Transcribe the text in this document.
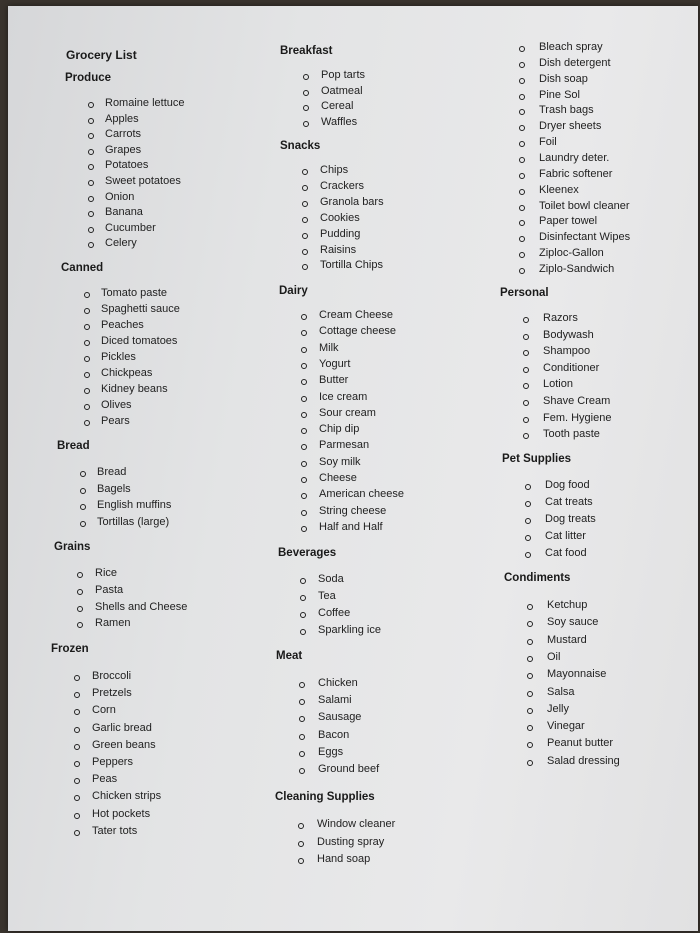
Grocery List
Produce
Romaine lettuce
Apples
Carrots
Grapes
Potatoes
Sweet potatoes
Onion
Banana
Cucumber
Celery
Canned
Tomato paste
Spaghetti sauce
Peaches
Diced tomatoes
Pickles
Chickpeas
Kidney beans
Olives
Pears
Bread
Bread
Bagels
English muffins
Tortillas (large)
Grains
Rice
Pasta
Shells and Cheese
Ramen
Frozen
Broccoli
Pretzels
Corn
Garlic bread
Green beans
Peppers
Peas
Chicken strips
Hot pockets
Tater tots
Breakfast
Pop tarts
Oatmeal
Cereal
Waffles
Snacks
Chips
Crackers
Granola bars
Cookies
Pudding
Raisins
Tortilla Chips
Dairy
Cream Cheese
Cottage cheese
Milk
Yogurt
Butter
Ice cream
Sour cream
Chip dip
Parmesan
Soy milk
Cheese
American cheese
String cheese
Half and Half
Beverages
Soda
Tea
Coffee
Sparkling ice
Meat
Chicken
Salami
Sausage
Bacon
Eggs
Ground beef
Cleaning Supplies
Window cleaner
Dusting spray
Hand soap
Bleach spray
Dish detergent
Dish soap
Pine Sol
Trash bags
Dryer sheets
Foil
Laundry deter.
Fabric softener
Kleenex
Toilet bowl cleaner
Paper towel
Disinfectant Wipes
Ziploc-Gallon
Ziplo-Sandwich
Personal
Razors
Bodywash
Shampoo
Conditioner
Lotion
Shave Cream
Fem. Hygiene
Tooth paste
Pet Supplies
Dog food
Cat treats
Dog treats
Cat litter
Cat food
Condiments
Ketchup
Soy sauce
Mustard
Oil
Mayonnaise
Salsa
Jelly
Vinegar
Peanut butter
Salad dressing
